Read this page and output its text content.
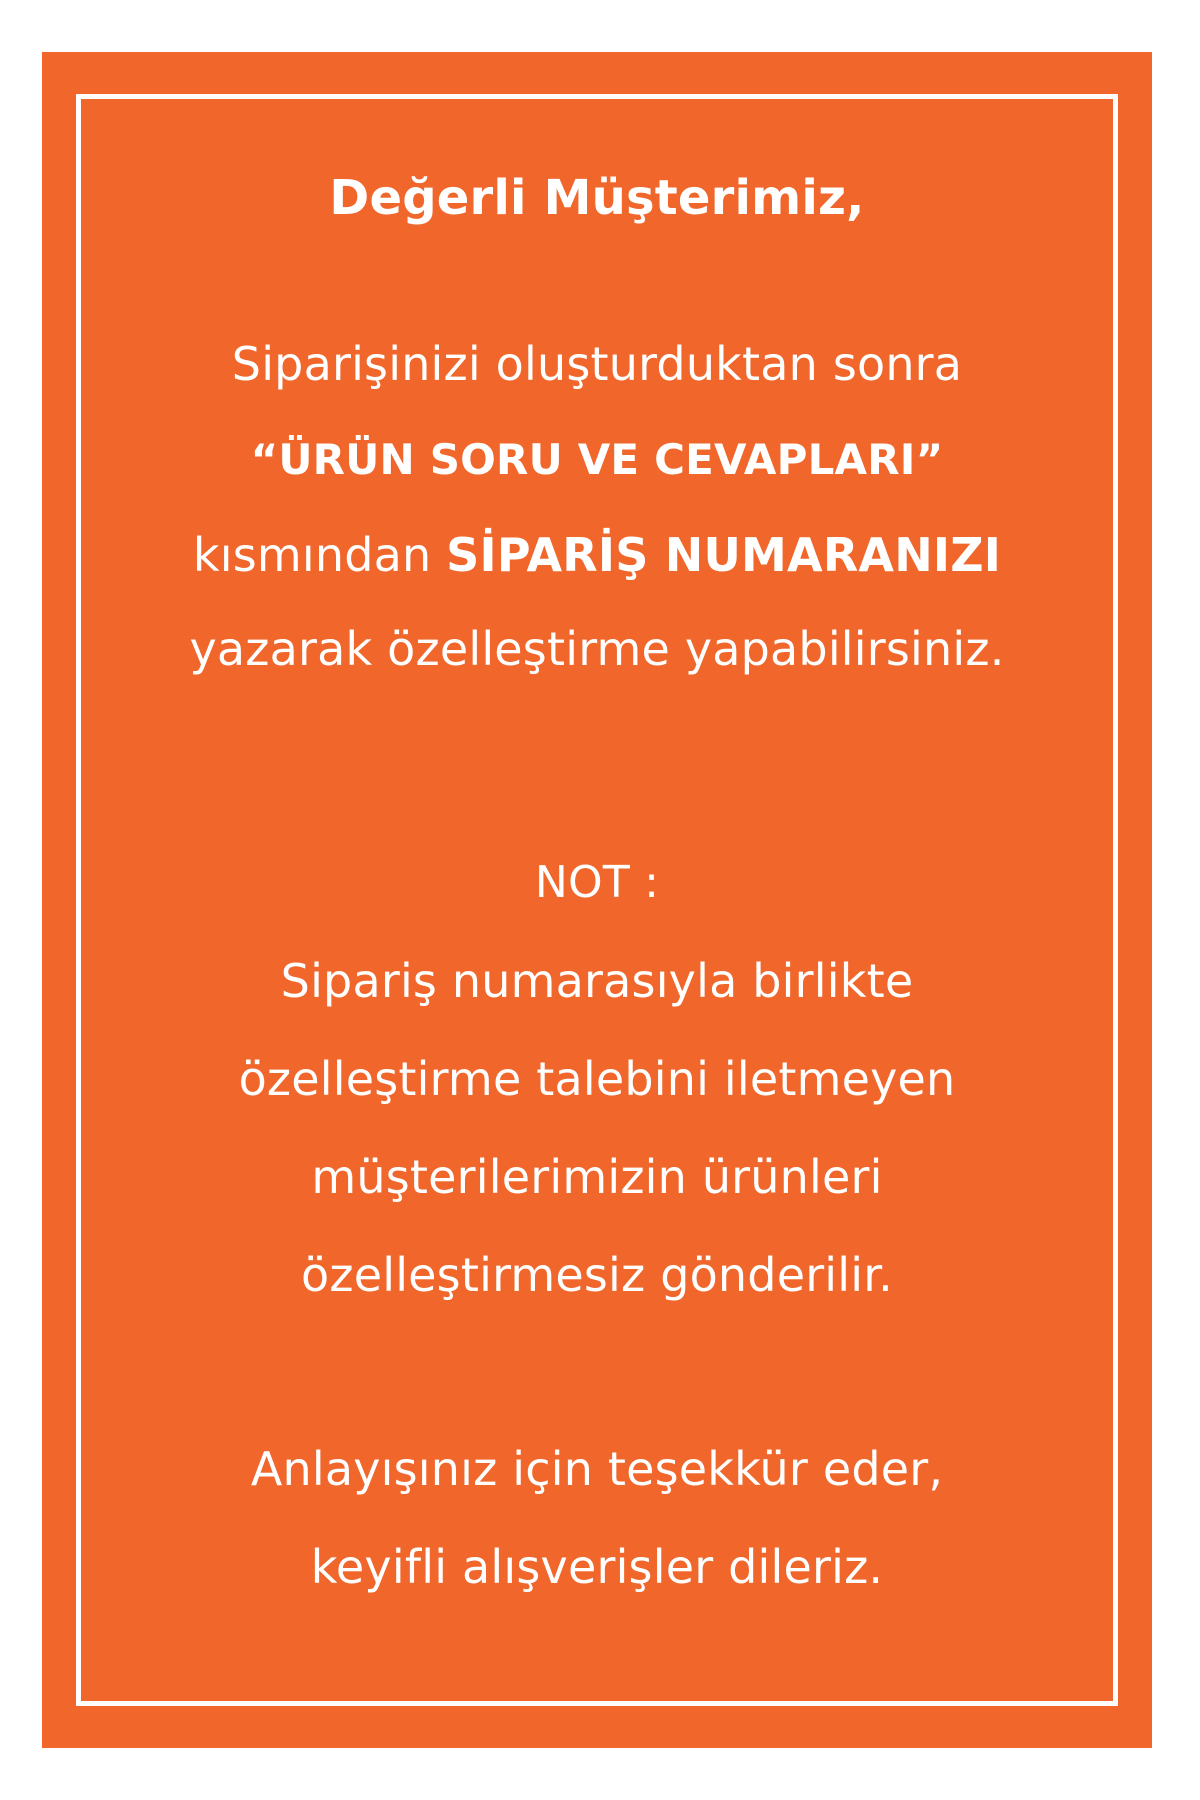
Değerli Müşterimiz,
Siparişinizi oluşturduktan sonra
“ÜRÜN SORU VE CEVAPLARI”
kısmından SİPARİŞ NUMARANIZI
yazarak özelleştirme yapabilirsiniz.
NOT :
Sipariş numarasıyla birlikte
özelleştirme talebini iletmeyen
müşterilerimizin ürünleri
özelleştirmesiz gönderilir.
Anlayışınız için teşekkür eder,
keyifli alışverişler dileriz.
